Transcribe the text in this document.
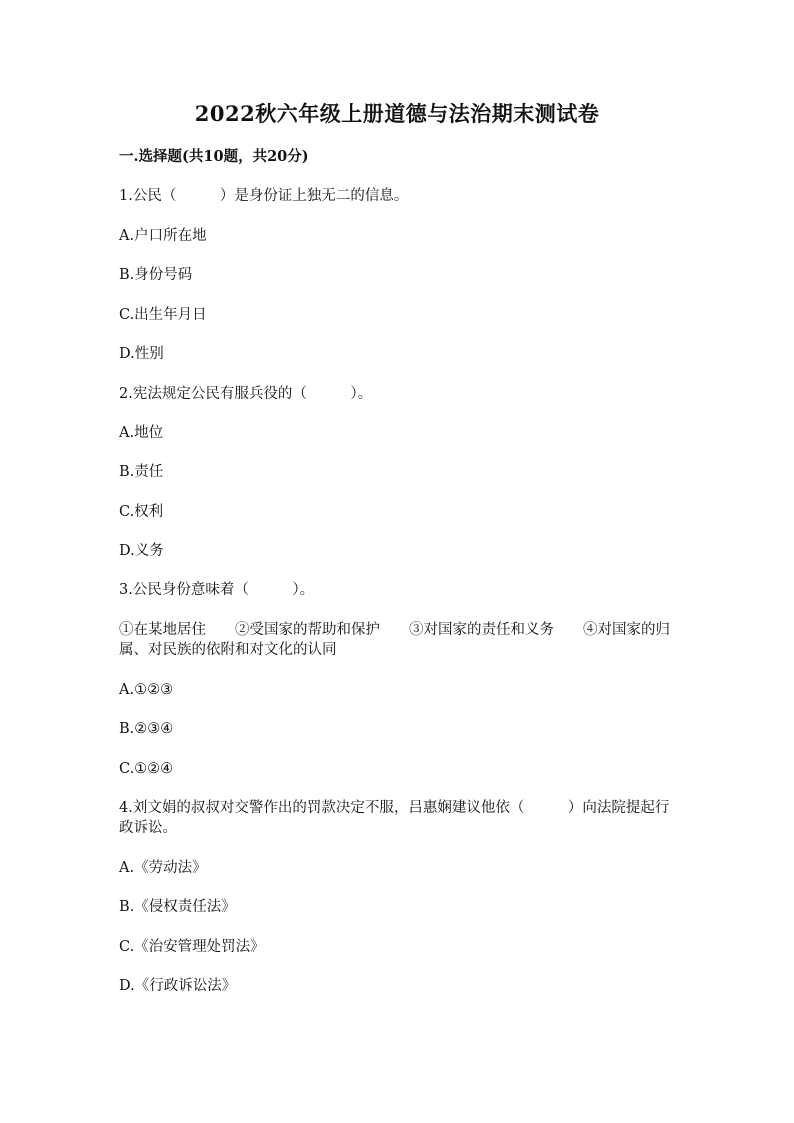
2022秋六年级上册道德与法治期末测试卷
一.选择题(共10题，共20分)
1.公民（　　　）是身份证上独无二的信息。
A.户口所在地
B.身份号码
C.出生年月日
D.性别
2.宪法规定公民有服兵役的（　　　）。
A.地位
B.责任
C.权利
D.义务
3.公民身份意味着（　　　）。
①在某地居住　　②受国家的帮助和保护　　③对国家的责任和义务　　④对国家的归属、对民族的依附和对文化的认同
A.①②③
B.②③④
C.①②④
4.刘文娟的叔叔对交警作出的罚款决定不服，吕惠娴建议他依（　　　）向法院提起行政诉讼。
A.《劳动法》
B.《侵权责任法》
C.《治安管理处罚法》
D.《行政诉讼法》
